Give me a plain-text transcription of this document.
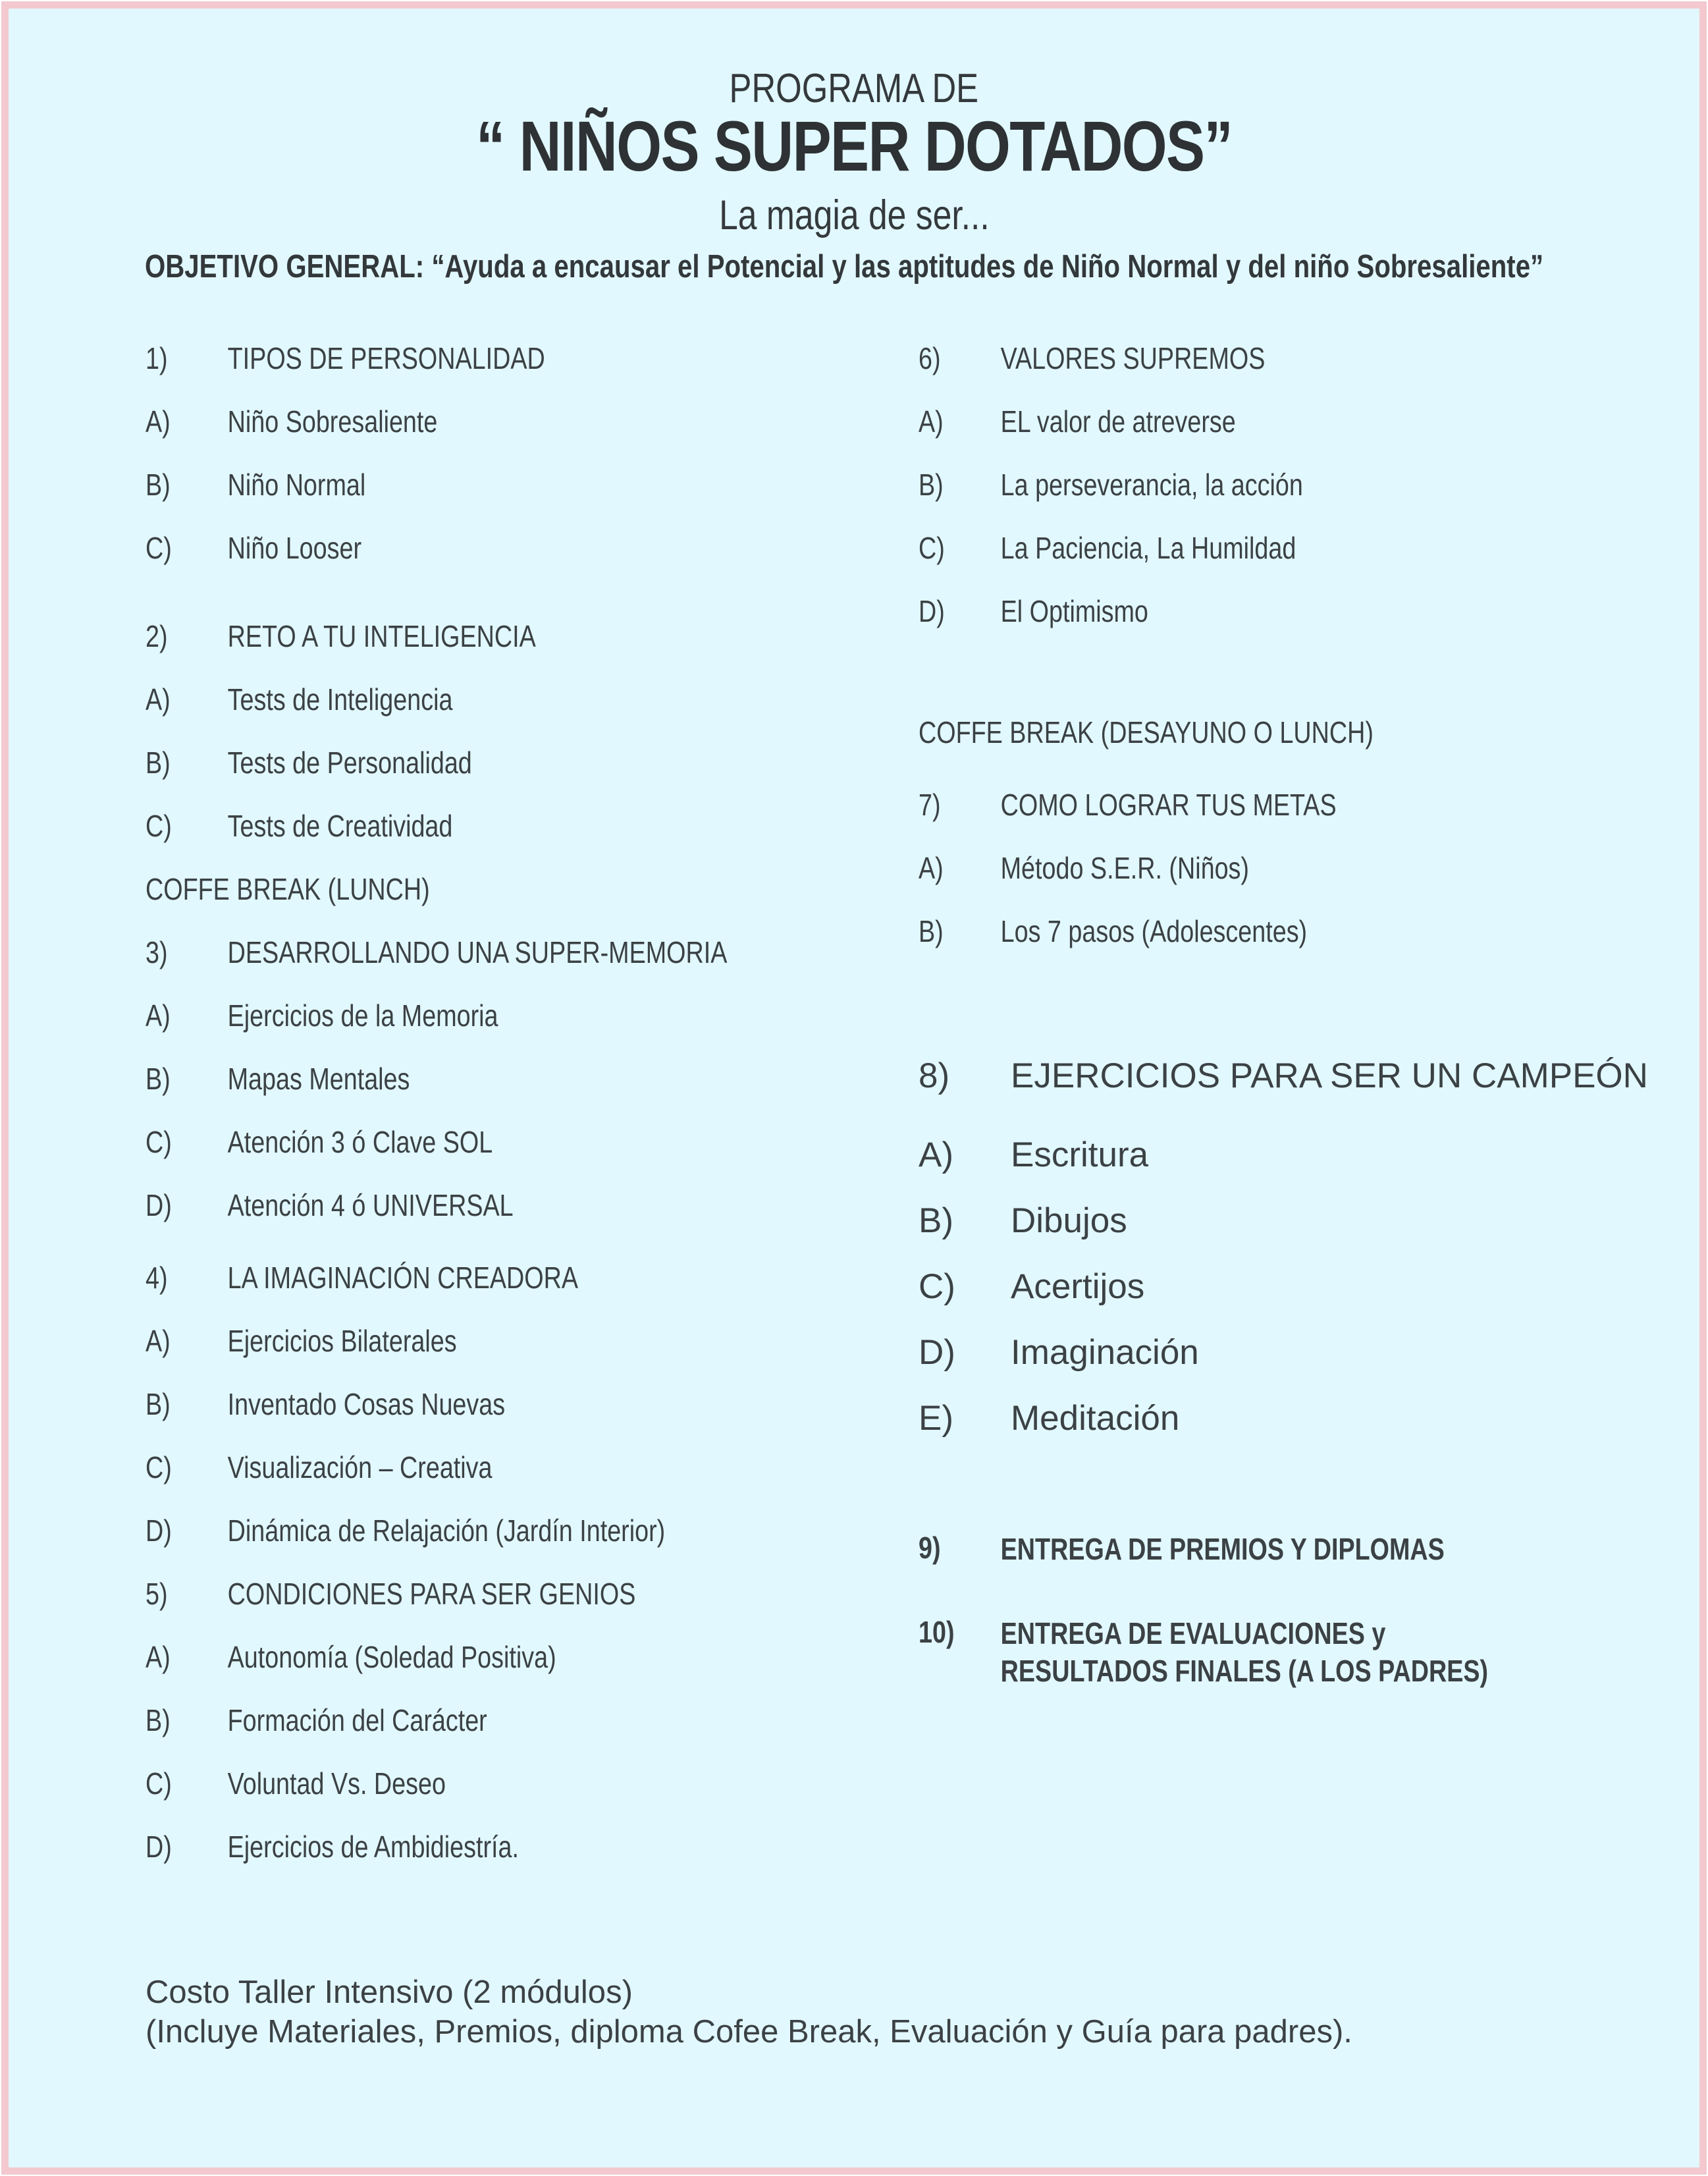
PROGRAMA DE
“ NIÑOS SUPER DOTADOS”
La magia de ser...
OBJETIVO GENERAL: “Ayuda a encausar el Potencial y las aptitudes de Niño Normal y del niño Sobresaliente”
1)	TIPOS DE PERSONALIDAD
A)	Niño Sobresaliente
B)	Niño Normal
C)	Niño Looser
2)	RETO A TU INTELIGENCIA
A)	Tests de Inteligencia
B)	Tests de Personalidad
C)	Tests de Creatividad
COFFE BREAK (LUNCH)
3)	DESARROLLANDO UNA SUPER-MEMORIA
A)	Ejercicios de la Memoria
B)	Mapas Mentales
C)	Atención 3 ó Clave SOL
D)	Atención 4 ó UNIVERSAL
4)	LA IMAGINACIÓN CREADORA
A)	Ejercicios Bilaterales
B)	Inventado Cosas Nuevas
C)	Visualización – Creativa
D)	Dinámica de Relajación (Jardín Interior)
5)	CONDICIONES PARA SER GENIOS
A)	Autonomía (Soledad Positiva)
B)	Formación del Carácter
C)	Voluntad Vs. Deseo
D)	Ejercicios de Ambidiestría.
6)	VALORES SUPREMOS
A)	EL valor de atreverse
B)	La perseverancia, la acción
C)	La Paciencia, La Humildad
D)	El Optimismo
COFFE BREAK (DESAYUNO O LUNCH)
7)	COMO LOGRAR TUS METAS
A)	Método S.E.R. (Niños)
B)	Los 7 pasos (Adolescentes)
8)	EJERCICIOS PARA SER UN CAMPEÓN
A)	Escritura
B)	Dibujos
C)	Acertijos
D)	Imaginación
E)	Meditación
9)	ENTREGA DE PREMIOS Y DIPLOMAS
10)	ENTREGA DE EVALUACIONES y
RESULTADOS FINALES (A LOS PADRES)
Costo Taller Intensivo (2 módulos)
(Incluye Materiales, Premios, diploma Cofee Break, Evaluación y Guía para padres).
